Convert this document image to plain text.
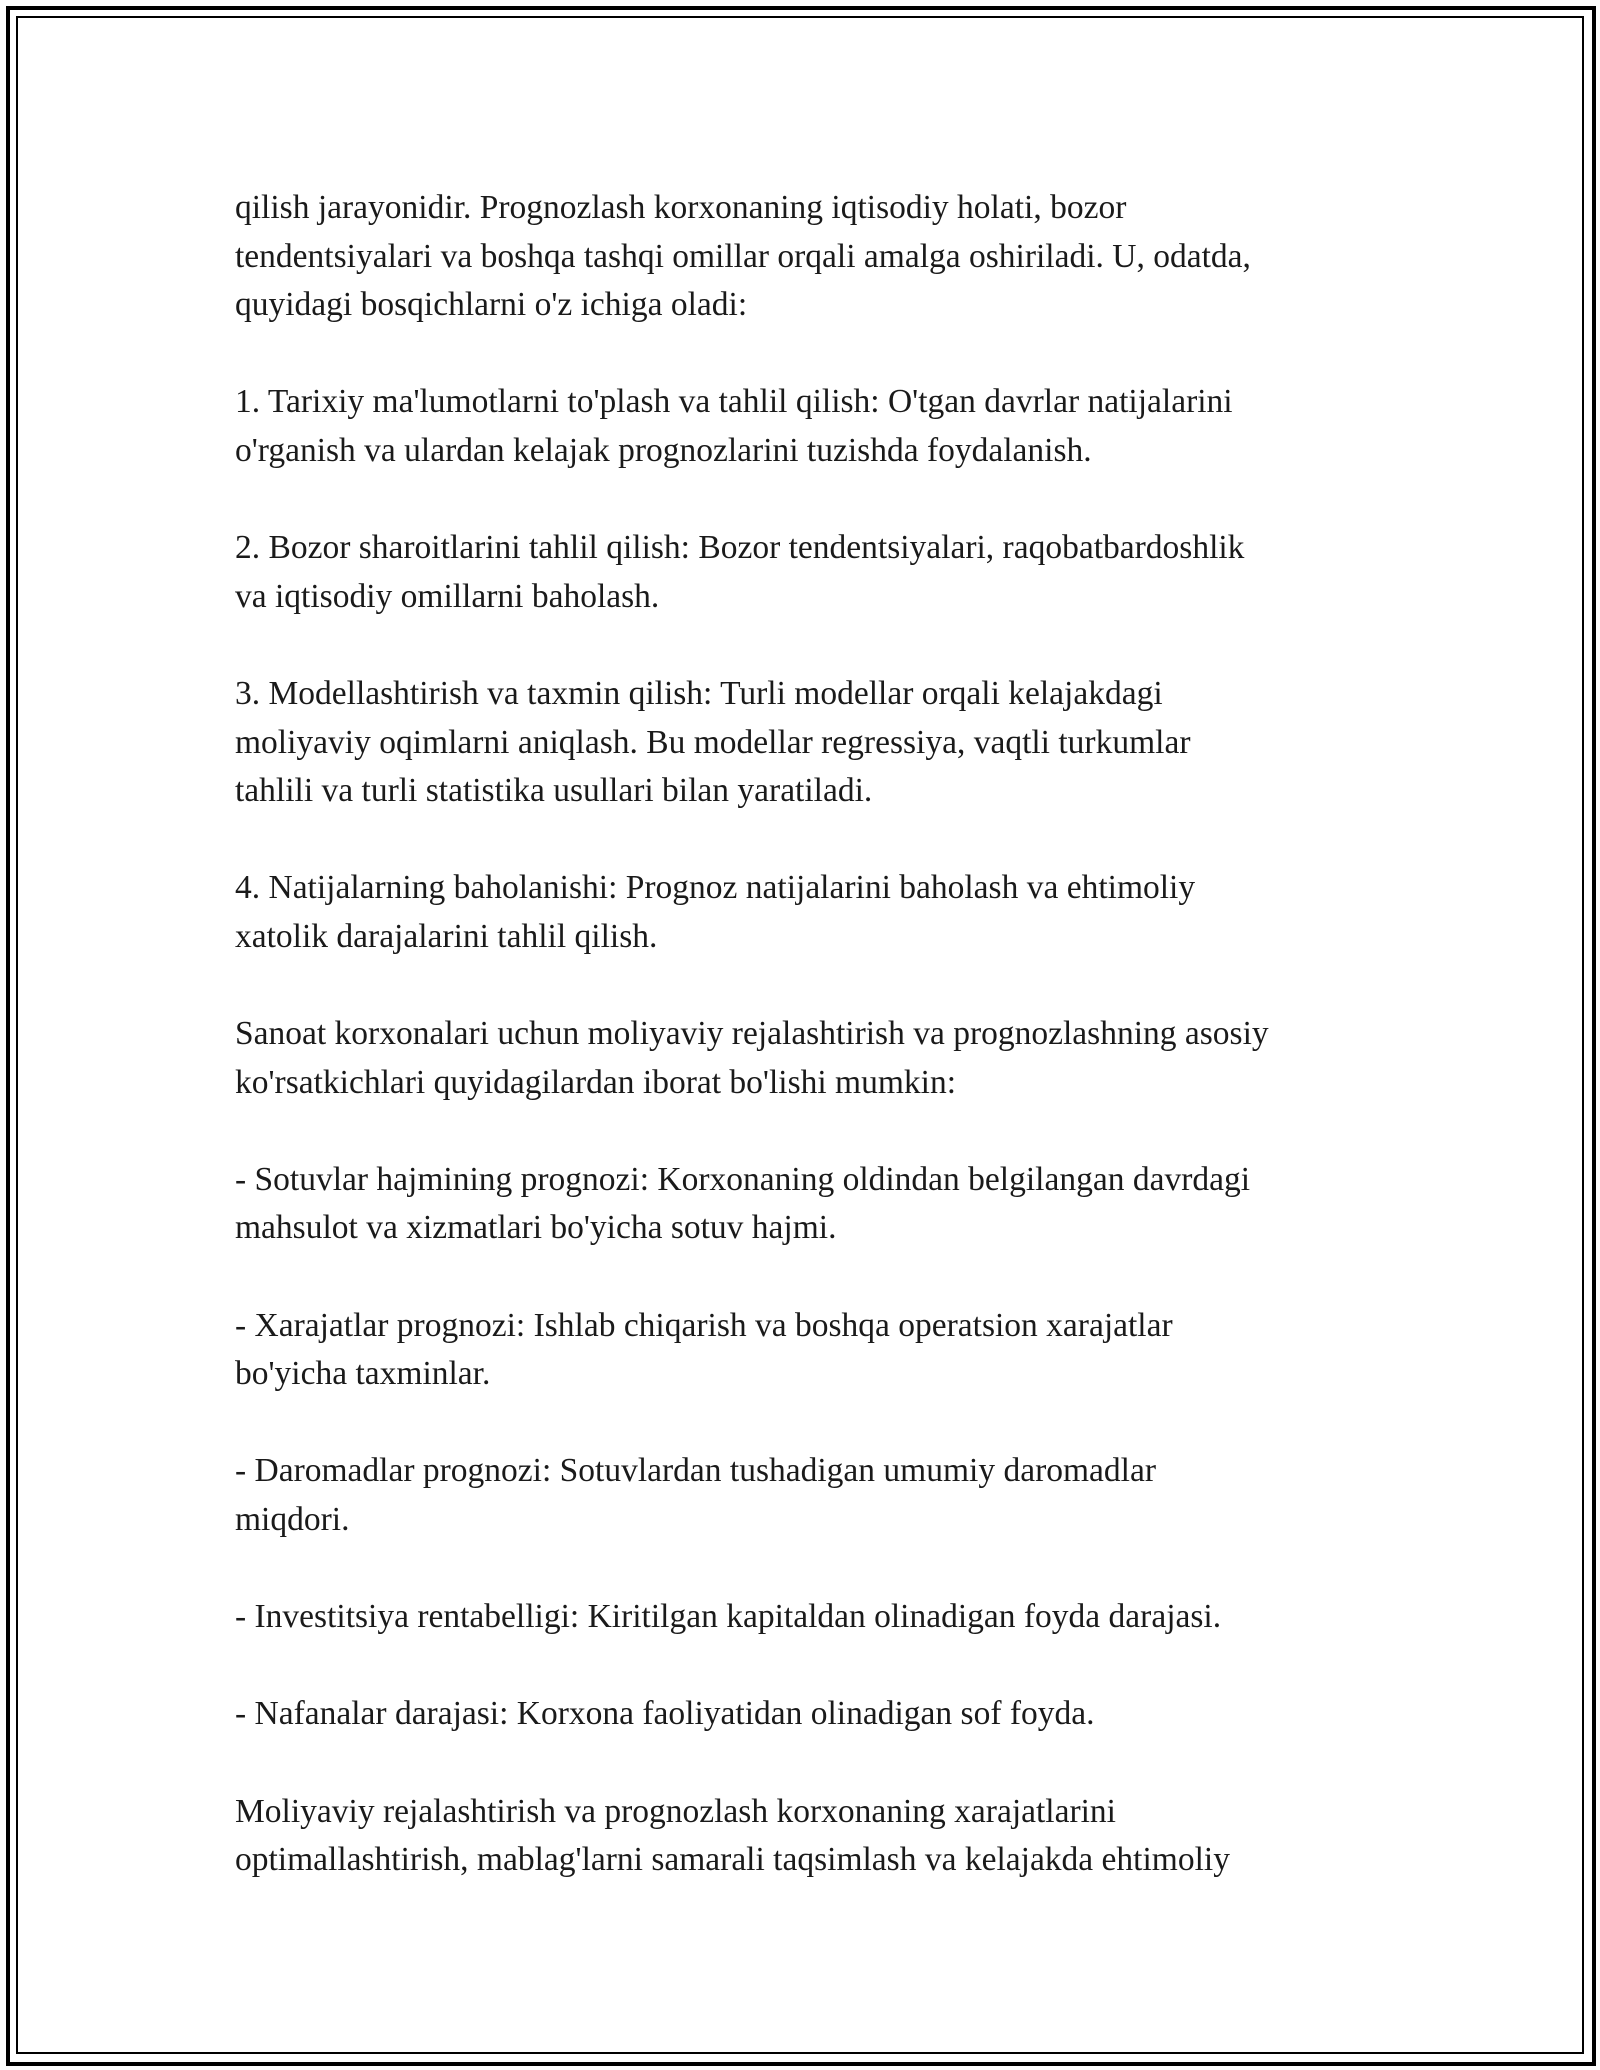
qilish jarayonidir. Prognozlash korxonaning iqtisodiy holati, bozor
tendentsiyalari va boshqa tashqi omillar orqali amalga oshiriladi. U, odatda,
quyidagi bosqichlarni o'z ichiga oladi:

1. Tarixiy ma'lumotlarni to'plash va tahlil qilish: O'tgan davrlar natijalarini
o'rganish va ulardan kelajak prognozlarini tuzishda foydalanish.

2. Bozor sharoitlarini tahlil qilish: Bozor tendentsiyalari, raqobatbardoshlik
va iqtisodiy omillarni baholash.

3. Modellashtirish va taxmin qilish: Turli modellar orqali kelajakdagi
moliyaviy oqimlarni aniqlash. Bu modellar regressiya, vaqtli turkumlar
tahlili va turli statistika usullari bilan yaratiladi.

4. Natijalarning baholanishi: Prognoz natijalarini baholash va ehtimoliy
xatolik darajalarini tahlil qilish.

Sanoat korxonalari uchun moliyaviy rejalashtirish va prognozlashning asosiy
ko'rsatkichlari quyidagilardan iborat bo'lishi mumkin:

- Sotuvlar hajmining prognozi: Korxonaning oldindan belgilangan davrdagi
mahsulot va xizmatlari bo'yicha sotuv hajmi.

- Xarajatlar prognozi: Ishlab chiqarish va boshqa operatsion xarajatlar
bo'yicha taxminlar.

- Daromadlar prognozi: Sotuvlardan tushadigan umumiy daromadlar
miqdori.

- Investitsiya rentabelligi: Kiritilgan kapitaldan olinadigan foyda darajasi.

- Nafanalar darajasi: Korxona faoliyatidan olinadigan sof foyda.

Moliyaviy rejalashtirish va prognozlash korxonaning xarajatlarini
optimallashtirish, mablag'larni samarali taqsimlash va kelajakda ehtimoliy
